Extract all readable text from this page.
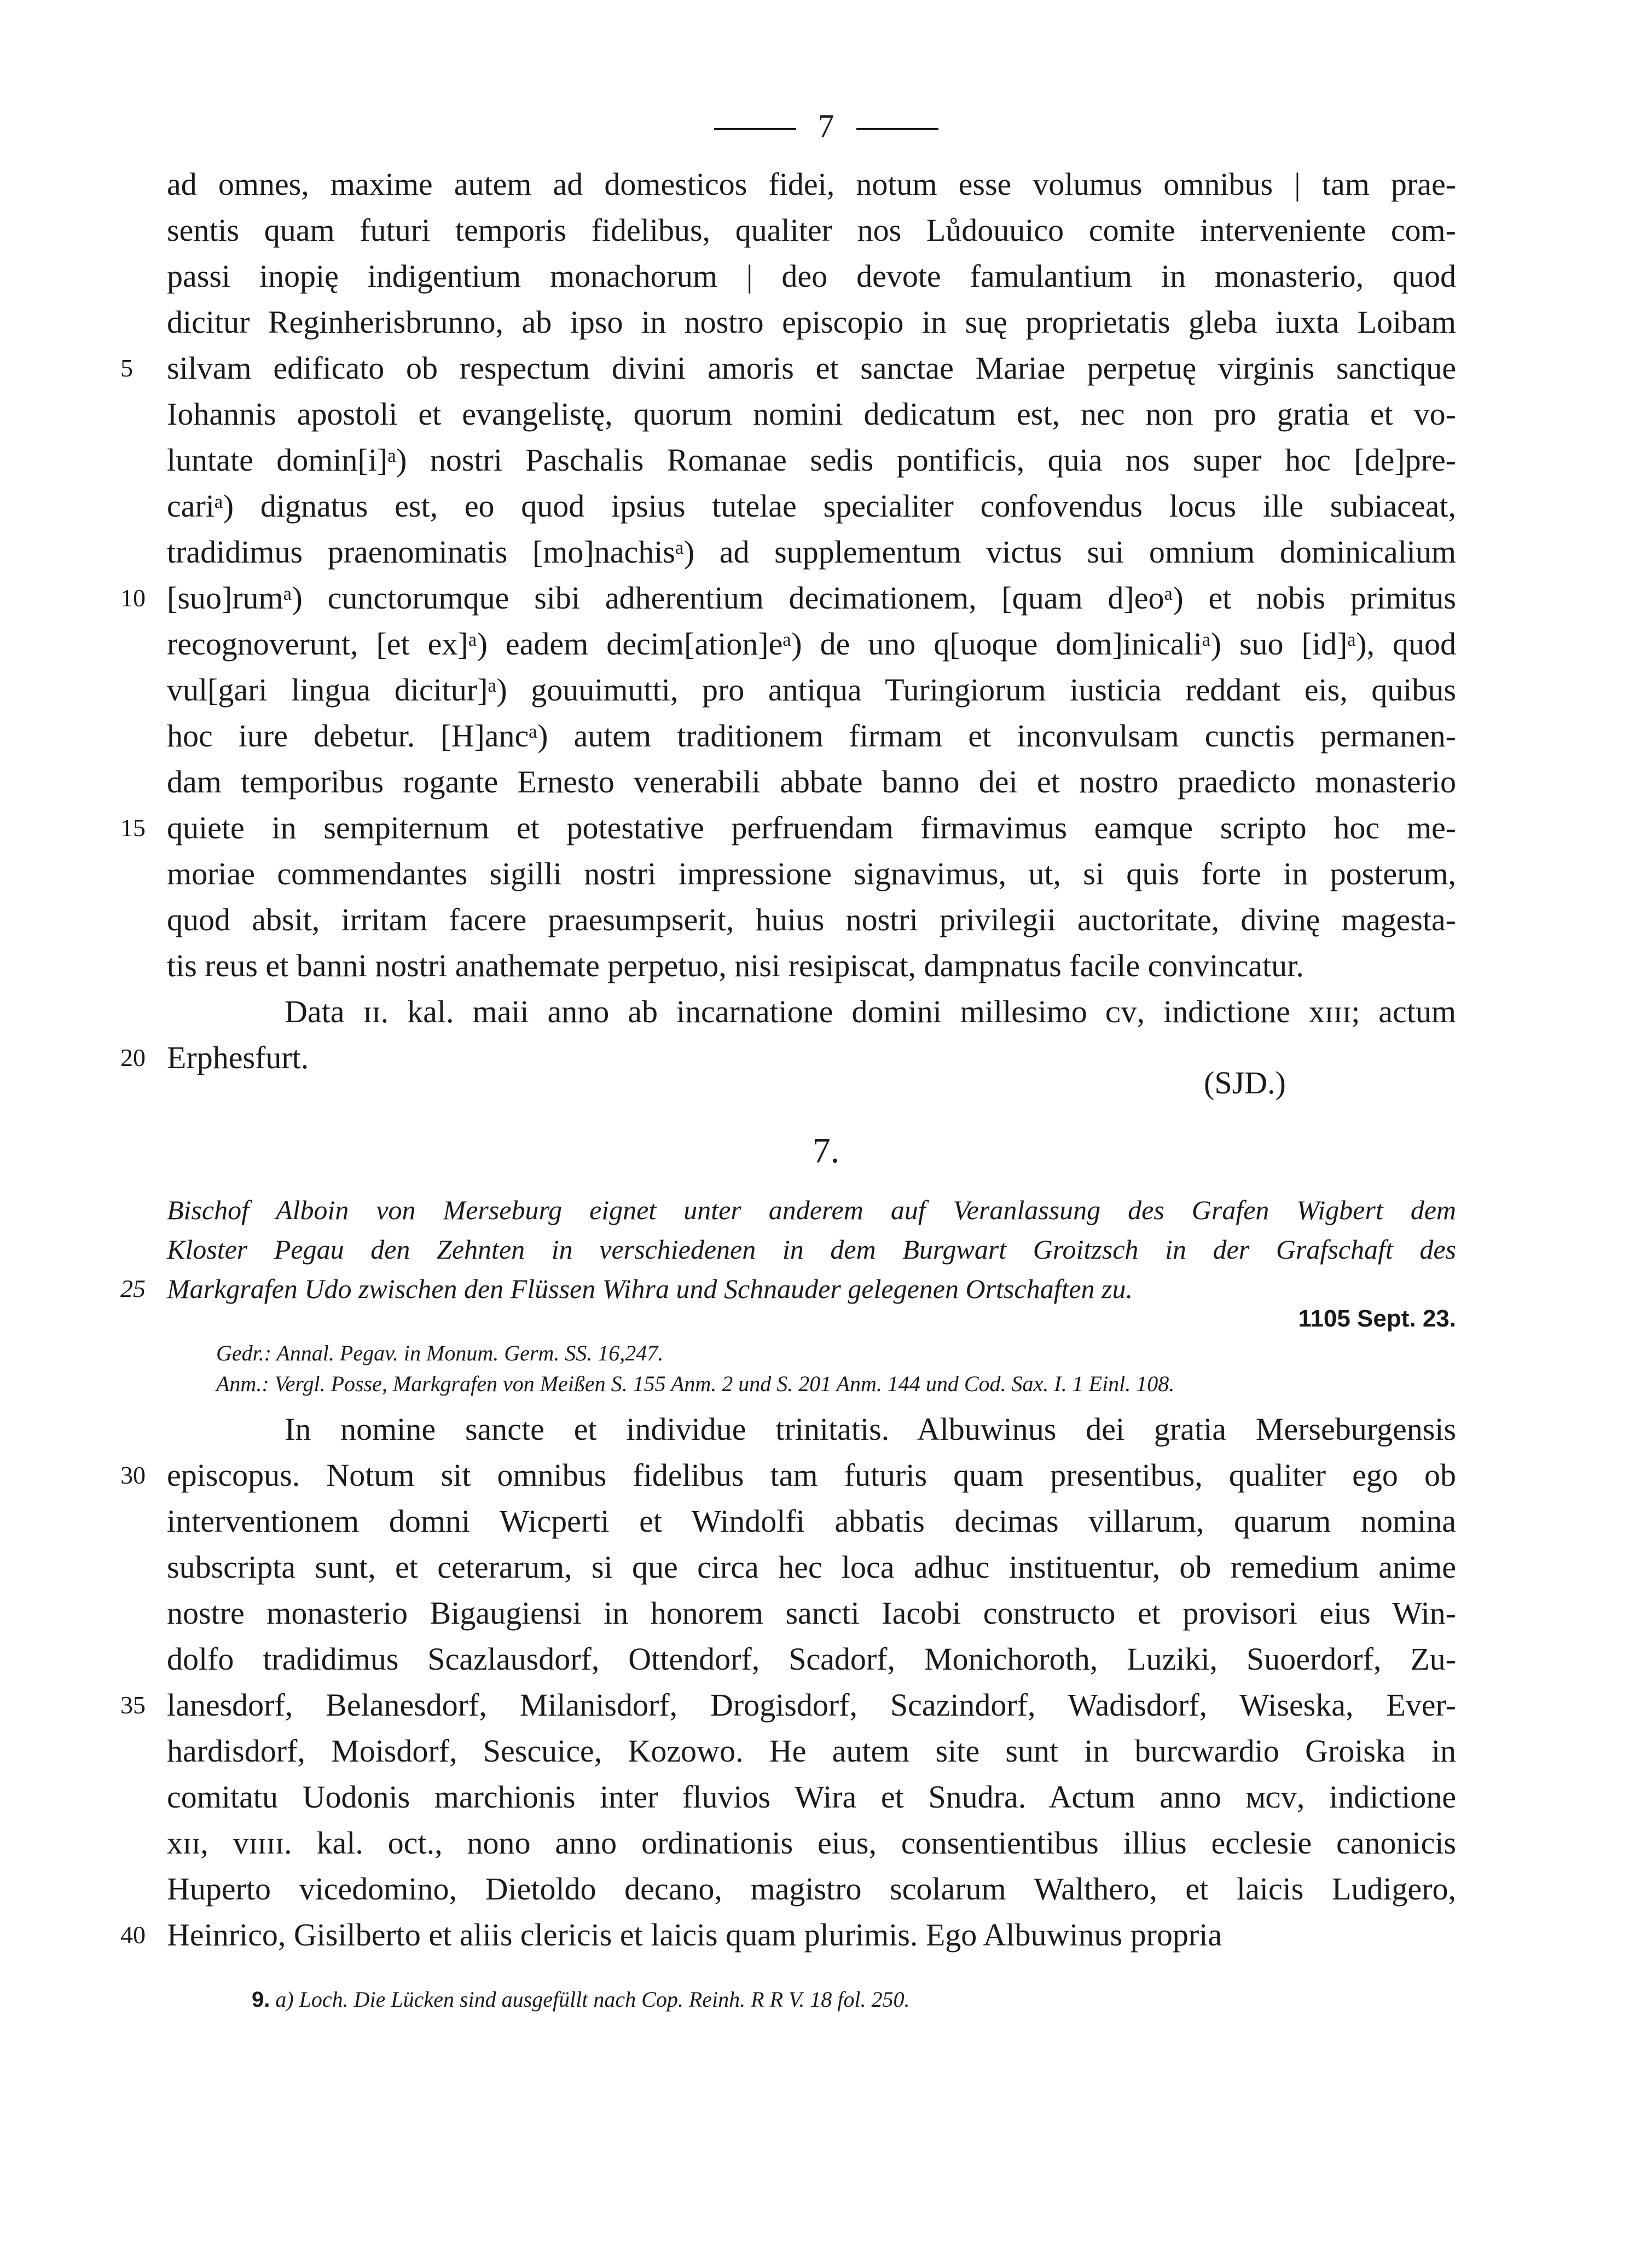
7
ad omnes, maxime autem ad domesticos fidei, notum esse volumus omnibus | tam prae-
sentis quam futuri temporis fidelibus, qualiter nos Lůdouuico comite interveniente com-
passi inopię indigentium monachorum | deo devote famulantium in monasterio, quod
dicitur Reginherisbrunno, ab ipso in nostro episcopio in suę proprietatis gleba iuxta Loibam
5	silvam edificato ob respectum divini amoris et sanctae Mariae perpetuę virginis sanctique
Iohannis apostoli et evangelistę, quorum nomini dedicatum est, nec non pro gratia et vo-
luntate domin[i]ᵃ) nostri Paschalis Romanae sedis pontificis, quia nos super hoc [de]pre-
cariᵃ) dignatus est, eo quod ipsius tutelae specialiter confovendus locus ille subiaceat,
tradidimus praenominatis [mo]nachisᵃ) ad supplementum victus sui omnium dominicalium
10 [suo]rumᵃ) cunctorumque sibi adherentium decimationem, [quam d]eoᵃ) et nobis primitus
recognoverunt, [et ex]ᵃ) eadem decim[ation]eᵃ) de uno q[uoque dom]inicaliᵃ) suo [id]ᵃ), quod
vul[gari lingua dicitur]ᵃ) gouuimutti, pro antiqua Turingiorum iusticia reddant eis, quibus
hoc iure debetur. [H]ancᵃ) autem traditionem firmam et inconvulsam cunctis permanen-
dam temporibus rogante Ernesto venerabili abbate banno dei et nostro praedicto monasterio
15 quiete in sempiternum et potestative perfruendam firmavimus eamque scripto hoc me-
moriae commendantes sigilli nostri impressione signavimus, ut, si quis forte in posterum,
quod absit, irritam facere praesumpserit, huius nostri privilegii auctoritate, divinę magesta-
tis reus et banni nostri anathemate perpetuo, nisi resipiscat, dampnatus facile convincatur.
Data ɪɪ. kal. maii anno ab incarnatione domini millesimo ᴄᴠ, indictione xɪɪɪ; actum
20 Erphesfurt.
(SJD.)
7.
Bischof Alboin von Merseburg eignet unter anderem auf Veranlassung des Grafen Wigbert dem
Kloster Pegau den Zehnten in verschiedenen in dem Burgwart Groitzsch in der Grafschaft des
25 Markgrafen Udo zwischen den Flüssen Wihra und Schnauder gelegenen Ortschaften zu.
1105 Sept. 23.
Gedr.: Annal. Pegav. in Monum. Germ. SS. 16,247.
Anm.: Vergl. Posse, Markgrafen von Meißen S. 155 Anm. 2 und S. 201 Anm. 144 und Cod. Sax. I. 1 Einl. 108.
In nomine sancte et individue trinitatis. Albuwinus dei gratia Merseburgensis
30 episcopus. Notum sit omnibus fidelibus tam futuris quam presentibus, qualiter ego ob
interventionem domni Wicperti et Windolfi abbatis decimas villarum, quarum nomina
subscripta sunt, et ceterarum, si que circa hec loca adhuc instituentur, ob remedium anime
nostre monasterio Bigaugiensi in honorem sancti Iacobi constructo et provisori eius Win-
dolfo tradidimus Scazlausdorf, Ottendorf, Scadorf, Monichoroth, Luziki, Suoerdorf, Zu-
35 lanesdorf, Belanesdorf, Milanisdorf, Drogisdorf, Scazindorf, Wadisdorf, Wiseska, Ever-
hardisdorf, Moisdorf, Sescuice, Kozowo. He autem site sunt in burcwardio Groiska in
comitatu Uodonis marchionis inter fluvios Wira et Snudra. Actum anno ᴍᴄᴠ, indictione
xɪɪ, vɪɪɪɪ. kal. oct., nono anno ordinationis eius, consentientibus illius ecclesie canonicis
Huperto vicedomino, Dietoldo decano, magistro scolarum Walthero, et laicis Ludigero,
40 Heinrico, Gisilberto et aliis clericis et laicis quam plurimis. Ego Albuwinus propria
9. a) Loch. Die Lücken sind ausgefüllt nach Cop. Reinh. R R V. 18 fol. 250.
